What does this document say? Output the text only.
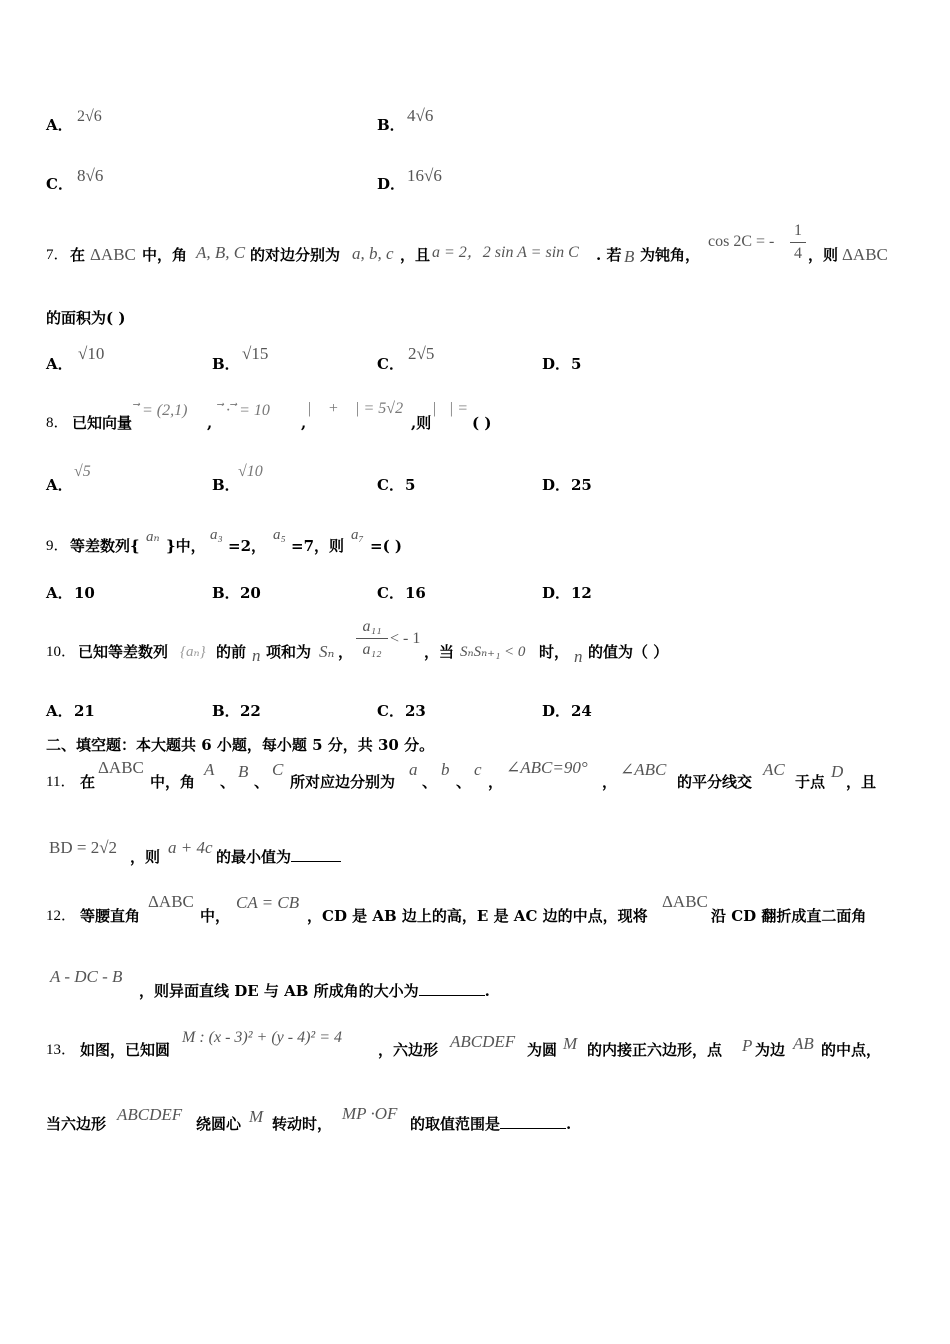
A． 2√6	B． 4√6
C． 8√6	D． 16√6
7． 在 ΔABC 中，角 A, B, C 的对边分别为 a, b, c ，且 a = 2，2 sin A = sin C . 若 B 为钝角，
cos 2C = -
1
4 ，则 ΔABC
的面积为( )
A．
√10
B．
√15
C．
2√5
D． 5
8． 已知向量
⃗ = (2,1)
,
⃗ · ⃗ = 10
,
|⃗ + ⃗| = 5√2
,则
|⃗| =
( )
A．
√5
B．
√10
C． 5	D． 25
9． 等差数列{ aₙ }中，
a₃
=2，
a₅
=7，则
a₇
=( )
A． 10	B． 20	C． 16	D． 12
10． 已知等差数列 {aₙ} 的前 n 项和为 Sₙ ，
a₁₁
a₁₂
< - 1
，当 SₙSₙ₊₁ < 0 时， n 的值为（ ）
A． 21	B． 22	C． 23	D． 24
二、填空题：本大题共 6 小题，每小题 5 分，共 30 分。
11． 在
ΔABC
中，角
A
、
B
、
C
所对应边分别为
a
、
b
、
c
，
∠ABC=90°
，
∠ABC
的平分线交
AC
于点
D
，且
BD = 2√2 ，则 a + 4c 的最小值为
12． 等腰直角
ΔABC
中，
CA = CB
，CD 是 AB 边上的高，E 是 AC 边的中点，现将
ΔABC
沿 CD 翻折成直二面角
A - DC - B
，则异面直线 DE 与 AB 所成角的大小为	.
13． 如图，已知圆
M : (x - 3)² + (y - 4)² = 4
，六边形 ABCDEF 为圆 M 的内接正六边形，点 P 为边 AB 的中点，
当六边形 ABCDEF 绕圆心 M 转动时，
MP ·OF
的取值范围是	.
